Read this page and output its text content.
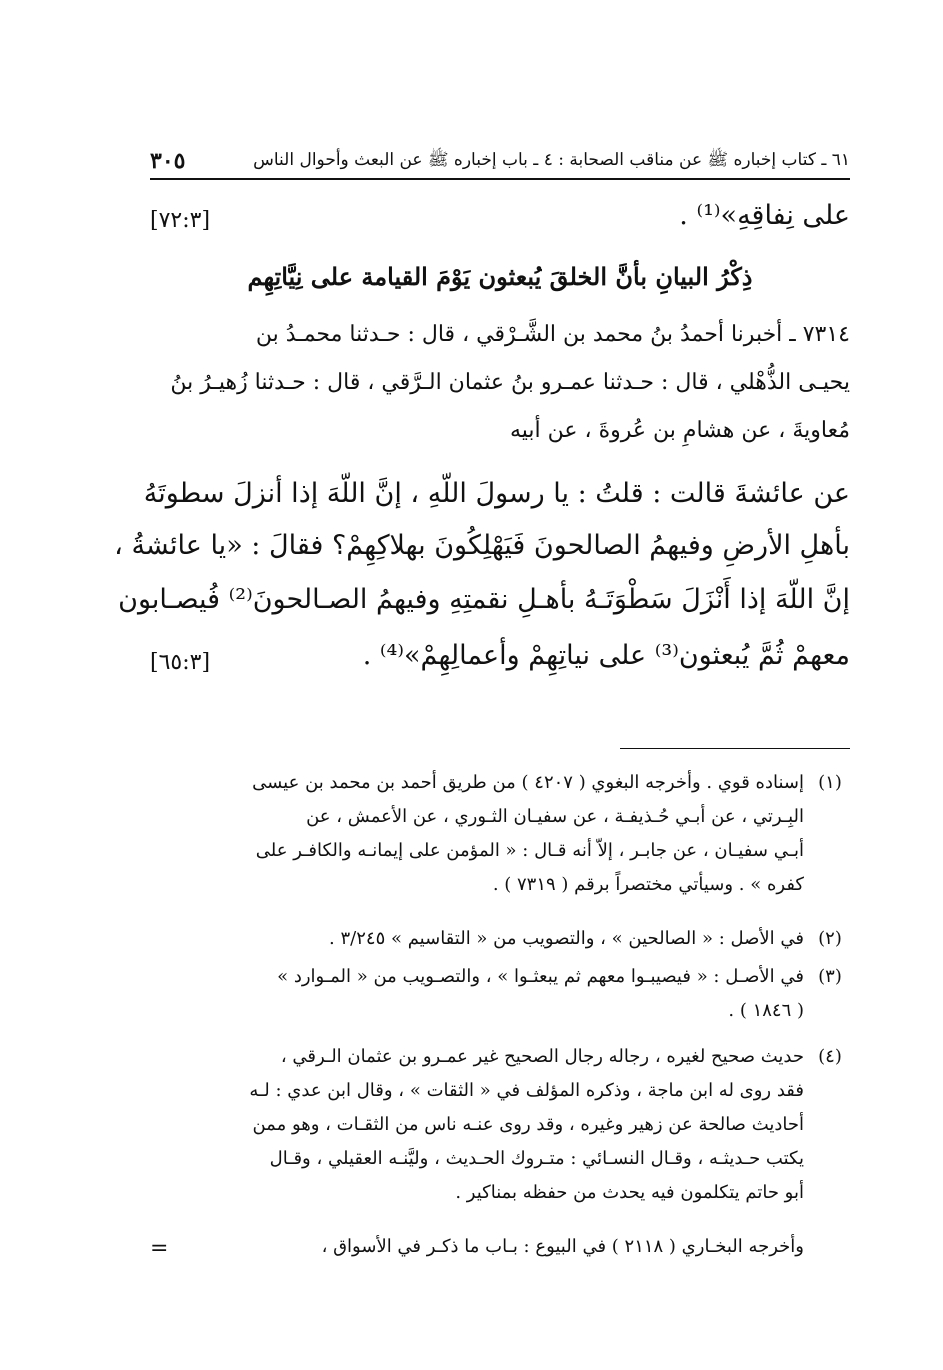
٦١ ـ كتاب إخباره ﷺ عن مناقب الصحابة : ٤ ـ باب إخباره ﷺ عن البعث وأحوال الناس
٣٠٥
على نِفاقِهِ»⁽¹⁾ .
[٧٢:٣]
ذِكْرُ البيانِ بأنَّ الخلقَ يُبعثون يَوْمَ القيامة على نِيَّاتِهِم
٧٣١٤ ـ أخبرنا أحمدُ بنُ محمد بن الشَّـرْقي ، قال : حـدثنا محمـدُ بن
يحيـى الذُّهْلي ، قال : حـدثنا عمـرو بنُ عثمان الـرَّقي ، قال : حـدثنا زُهيـرُ بنُ
مُعاويةَ ، عن هشامِ بن عُروةَ ، عن أبيه
عن عائشةَ قالت : قلتُ : يا رسولَ اللّهِ ، إنَّ اللّهَ إذا أنزلَ سطوتَهُ
بأهلِ الأرضِ وفيهمُ الصالحونَ فَيَهْلِكُونَ بهلاكِهِمْ؟ فقالَ : «يا عائشةُ ،
إنَّ اللّهَ إذا أَنْزَلَ سَطْوَتَـهُ بأهـلِ نقمتِهِ وفيهمُ الصـالحونَ⁽²⁾ فُيصـابون
معهمْ ثُمَّ يُبعثون⁽³⁾ على نياتِهِمْ وأعمالِهِمْ»⁽⁴⁾ .
[٦٥:٣]
(١)
إسناده قوي . وأخرجه البغوي ( ٤٢٠٧ ) من طريق أحمد بن محمد بن عيسى
البِـرتي ، عن أبـي حُـذيفـة ، عن سفيـان الثـوري ، عن الأعمش ، عن
أبـي سفيـان ، عن جابـر ، إلاّ أنه قـال : « المؤمن على إيمانـه والكافـر على
كفره » . وسيأتي مختصراً برقم ( ٧٣١٩ ) .
(٢)
في الأصل : « الصالحين » ، والتصويب من « التقاسيم » ٣/٢٤٥ .
(٣)
في الأصـل : « فيصيبـوا معهم ثم يبعثـوا » ، والتصـويب من « المـوارد »
( ١٨٤٦ ) .
(٤)
حديث صحيح لغيره ، رجاله رجال الصحيح غير عمـرو بن عثمان الـرقي ،
فقد روى له ابن ماجة ، وذكره المؤلف في « الثقات » ، وقال ابن عدي : لـه
أحاديث صالحة عن زهير وغيره ، وقد روى عنـه ناس من الثقـات ، وهو ممن
يكتب حـديثـه ، وقـال النسـائي : متـروك الحـديث ، وليَّنـه العقيلي ، وقـال
أبو حاتم يتكلمون فيه يحدث من حفظه بمناكير .
وأخرجه البخـاري ( ٢١١٨ ) في البيوع : بـاب ما ذكـر في الأسواق ،
=
